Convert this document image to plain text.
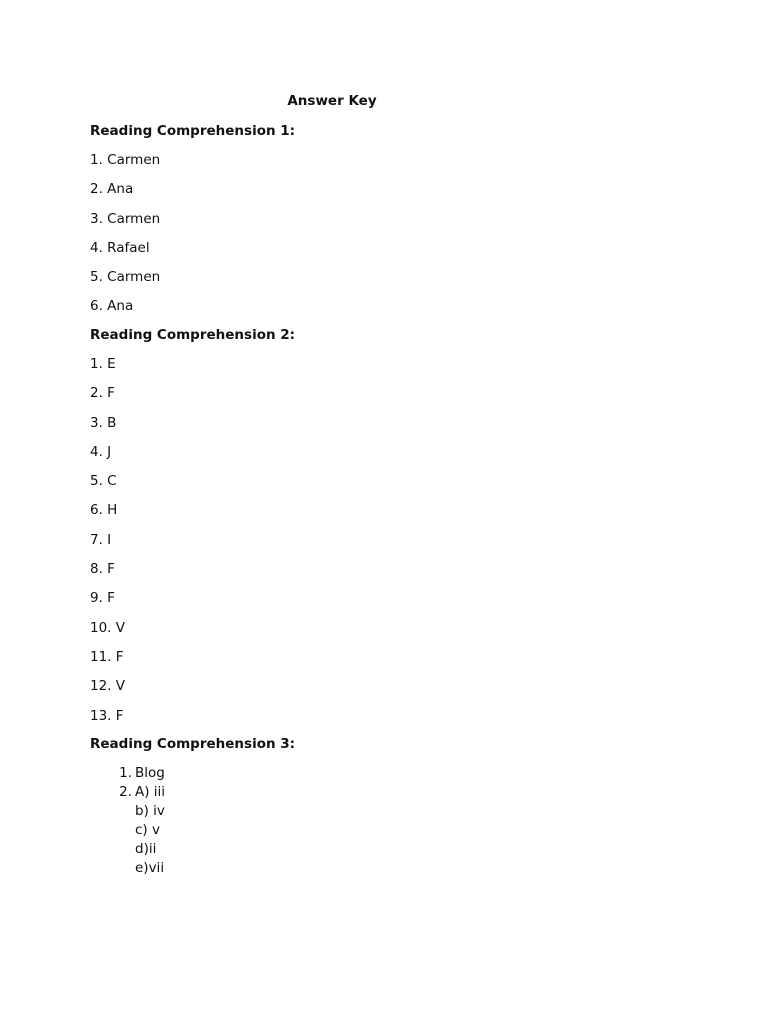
Answer Key
Reading Comprehension 1:
1. Carmen
2. Ana
3. Carmen
4. Rafael
5. Carmen
6. Ana
Reading Comprehension 2:
1. E
2. F
3. B
4. J
5. C
6. H
7. I
8. F
9. F
10. V
11. F
12. V
13. F
Reading Comprehension 3:
1. Blog
2. A) iii
b) iv
c) v
d)ii
e)vii
